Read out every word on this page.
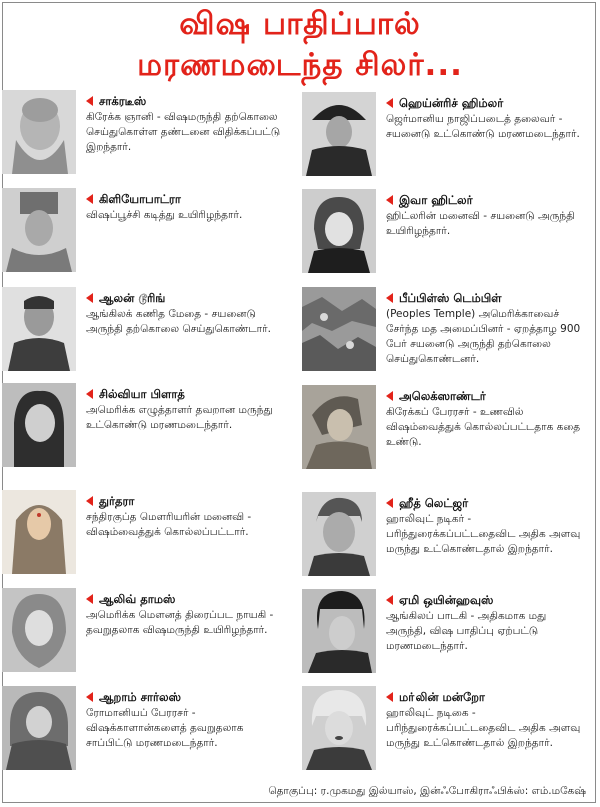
விஷ பாதிப்பால்
மரணமடைந்த சிலர்...
சாக்ரடீஸ்
கிரேக்க ஞானி - விஷமருந்தி தற்கொலை செய்துகொள்ள தண்டனை விதிக்கப்பட்டு இறந்தார்.
கிளியோபாட்ரா
விஷப்பூச்சி கடித்து உயிரிழந்தார்.
ஆலன் டூரிங்
ஆங்கிலக் கணித மேதை - சயனைடு அருந்தி தற்கொலை செய்துகொண்டார்.
சில்வியா பிளாத்
அமெரிக்க எழுத்தாளர் தவறான மருந்து உட்கொண்டு மரணமடைந்தார்.
துர்தரா
சந்திரகுப்த மௌரியரின் மனைவி - விஷம்வைத்துக் கொல்லப்பட்டார்.
ஆலிவ் தாமஸ்
அமெரிக்க மௌனத் திரைப்பட நாயகி - தவறுதலாக விஷமருந்தி உயிரிழந்தார்.
ஆறாம் சார்லஸ்
ரோமானியப் பேரரசர் - விஷக்காளான்களைத் தவறுதலாக சாப்பிட்டு மரணமடைந்தார்.
ஹெய்ன்ரிச் ஹிம்லர்
ஜெர்மானிய நாஜிப்படைத் தலைவர் - சயனைடு உட்கொண்டு மரணமடைந்தார்.
இவா ஹிட்லர்
ஹிட்லரின் மனைவி - சயனைடு அருந்தி உயிரிழந்தார்.
பீப்பிள்ஸ் டெம்பிள்
(Peoples Temple) அமெரிக்காவைச் சேர்ந்த மத அமைப்பினர் - ஏறத்தாழ 900 பேர் சயனைடு அருந்தி தற்கொலை செய்துகொண்டனர்.
அலெக்ஸாண்டர்
கிரேக்கப் பேரரசர் - உணவில் விஷம்வைத்துக் கொல்லப்பட்டதாக கதை உண்டு.
ஹீத் லெட்ஜர்
ஹாலிவுட் நடிகர் - பரிந்துரைக்கப்பட்டதைவிட அதிக அளவு மருந்து உட்கொண்டதால் இறந்தார்.
ஏமி ஒயின்ஹவுஸ்
ஆங்கிலப் பாடகி - அதிகமாக மது அருந்தி, விஷ பாதிப்பு ஏற்பட்டு மரணமடைந்தார்.
மா்லின் மன்றோ
ஹாலிவுட் நடிகை - பரிந்துரைக்கப்பட்டதைவிட அதிக அளவு மருந்து உட்கொண்டதால் இறந்தார்.
தொகுப்பு: ர.முகமது இல்யாஸ், இன்ஃபோகிராஃபிக்ஸ்: எம்.மகேஷ்
